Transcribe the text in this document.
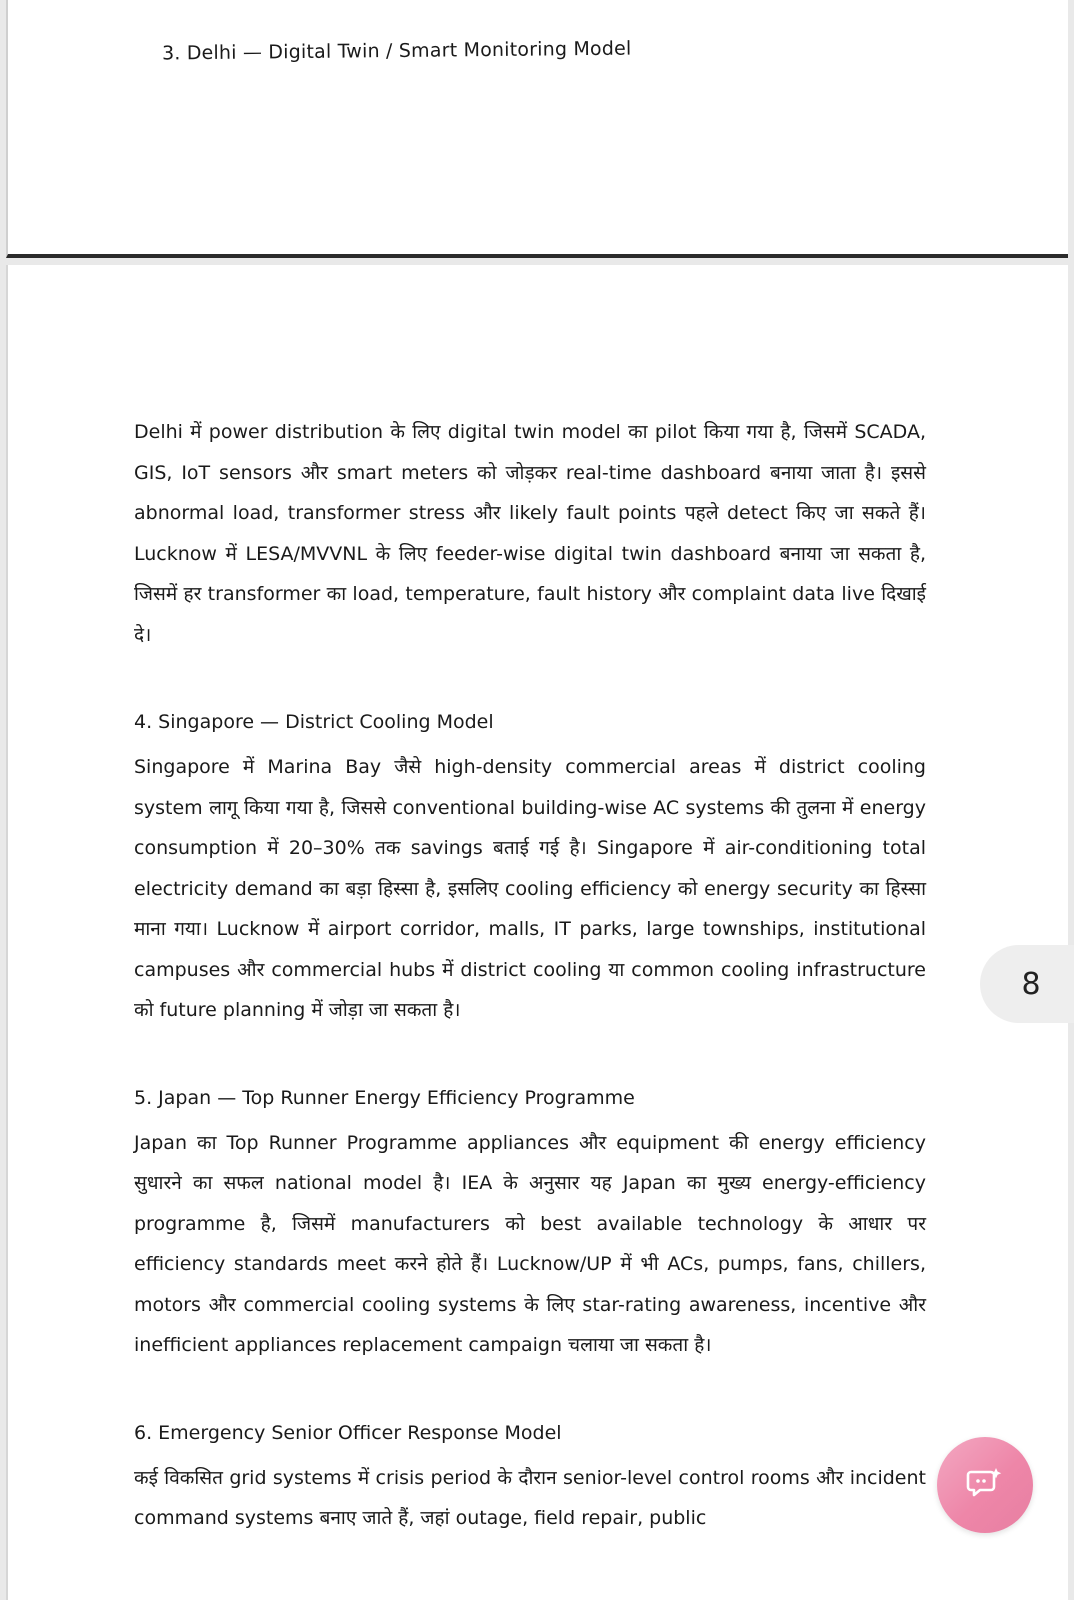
3. Delhi — Digital Twin / Smart Monitoring Model

Delhi में power distribution के लिए digital twin model का pilot किया गया है, जिसमें SCADA, GIS, IoT sensors और smart meters को जोड़कर real-time dashboard बनाया जाता है। इससे abnormal load, transformer stress और likely fault points पहले detect किए जा सकते हैं। Lucknow में LESA/MVVNL के लिए feeder-wise digital twin dashboard बनाया जा सकता है, जिसमें हर transformer का load, temperature, fault history और complaint data live दिखाई दे।

4. Singapore — District Cooling Model

Singapore में Marina Bay जैसे high-density commercial areas में district cooling system लागू किया गया है, जिससे conventional building-wise AC systems की तुलना में energy consumption में 20–30% तक savings बताई गई है। Singapore में air-conditioning total electricity demand का बड़ा हिस्सा है, इसलिए cooling efficiency को energy security का हिस्सा माना गया। Lucknow में airport corridor, malls, IT parks, large townships, institutional campuses और commercial hubs में district cooling या common cooling infrastructure को future planning में जोड़ा जा सकता है।

5. Japan — Top Runner Energy Efficiency Programme

Japan का Top Runner Programme appliances और equipment की energy efficiency सुधारने का सफल national model है। IEA के अनुसार यह Japan का मुख्य energy-efficiency programme है, जिसमें manufacturers को best available technology के आधार पर efficiency standards meet करने होते हैं। Lucknow/UP में भी ACs, pumps, fans, chillers, motors और commercial cooling systems के लिए star-rating awareness, incentive और inefficient appliances replacement campaign चलाया जा सकता है।

6. Emergency Senior Officer Response Model

कई विकसित grid systems में crisis period के दौरान senior-level control rooms और incident command systems बनाए जाते हैं, जहां outage, field repair, public

8
